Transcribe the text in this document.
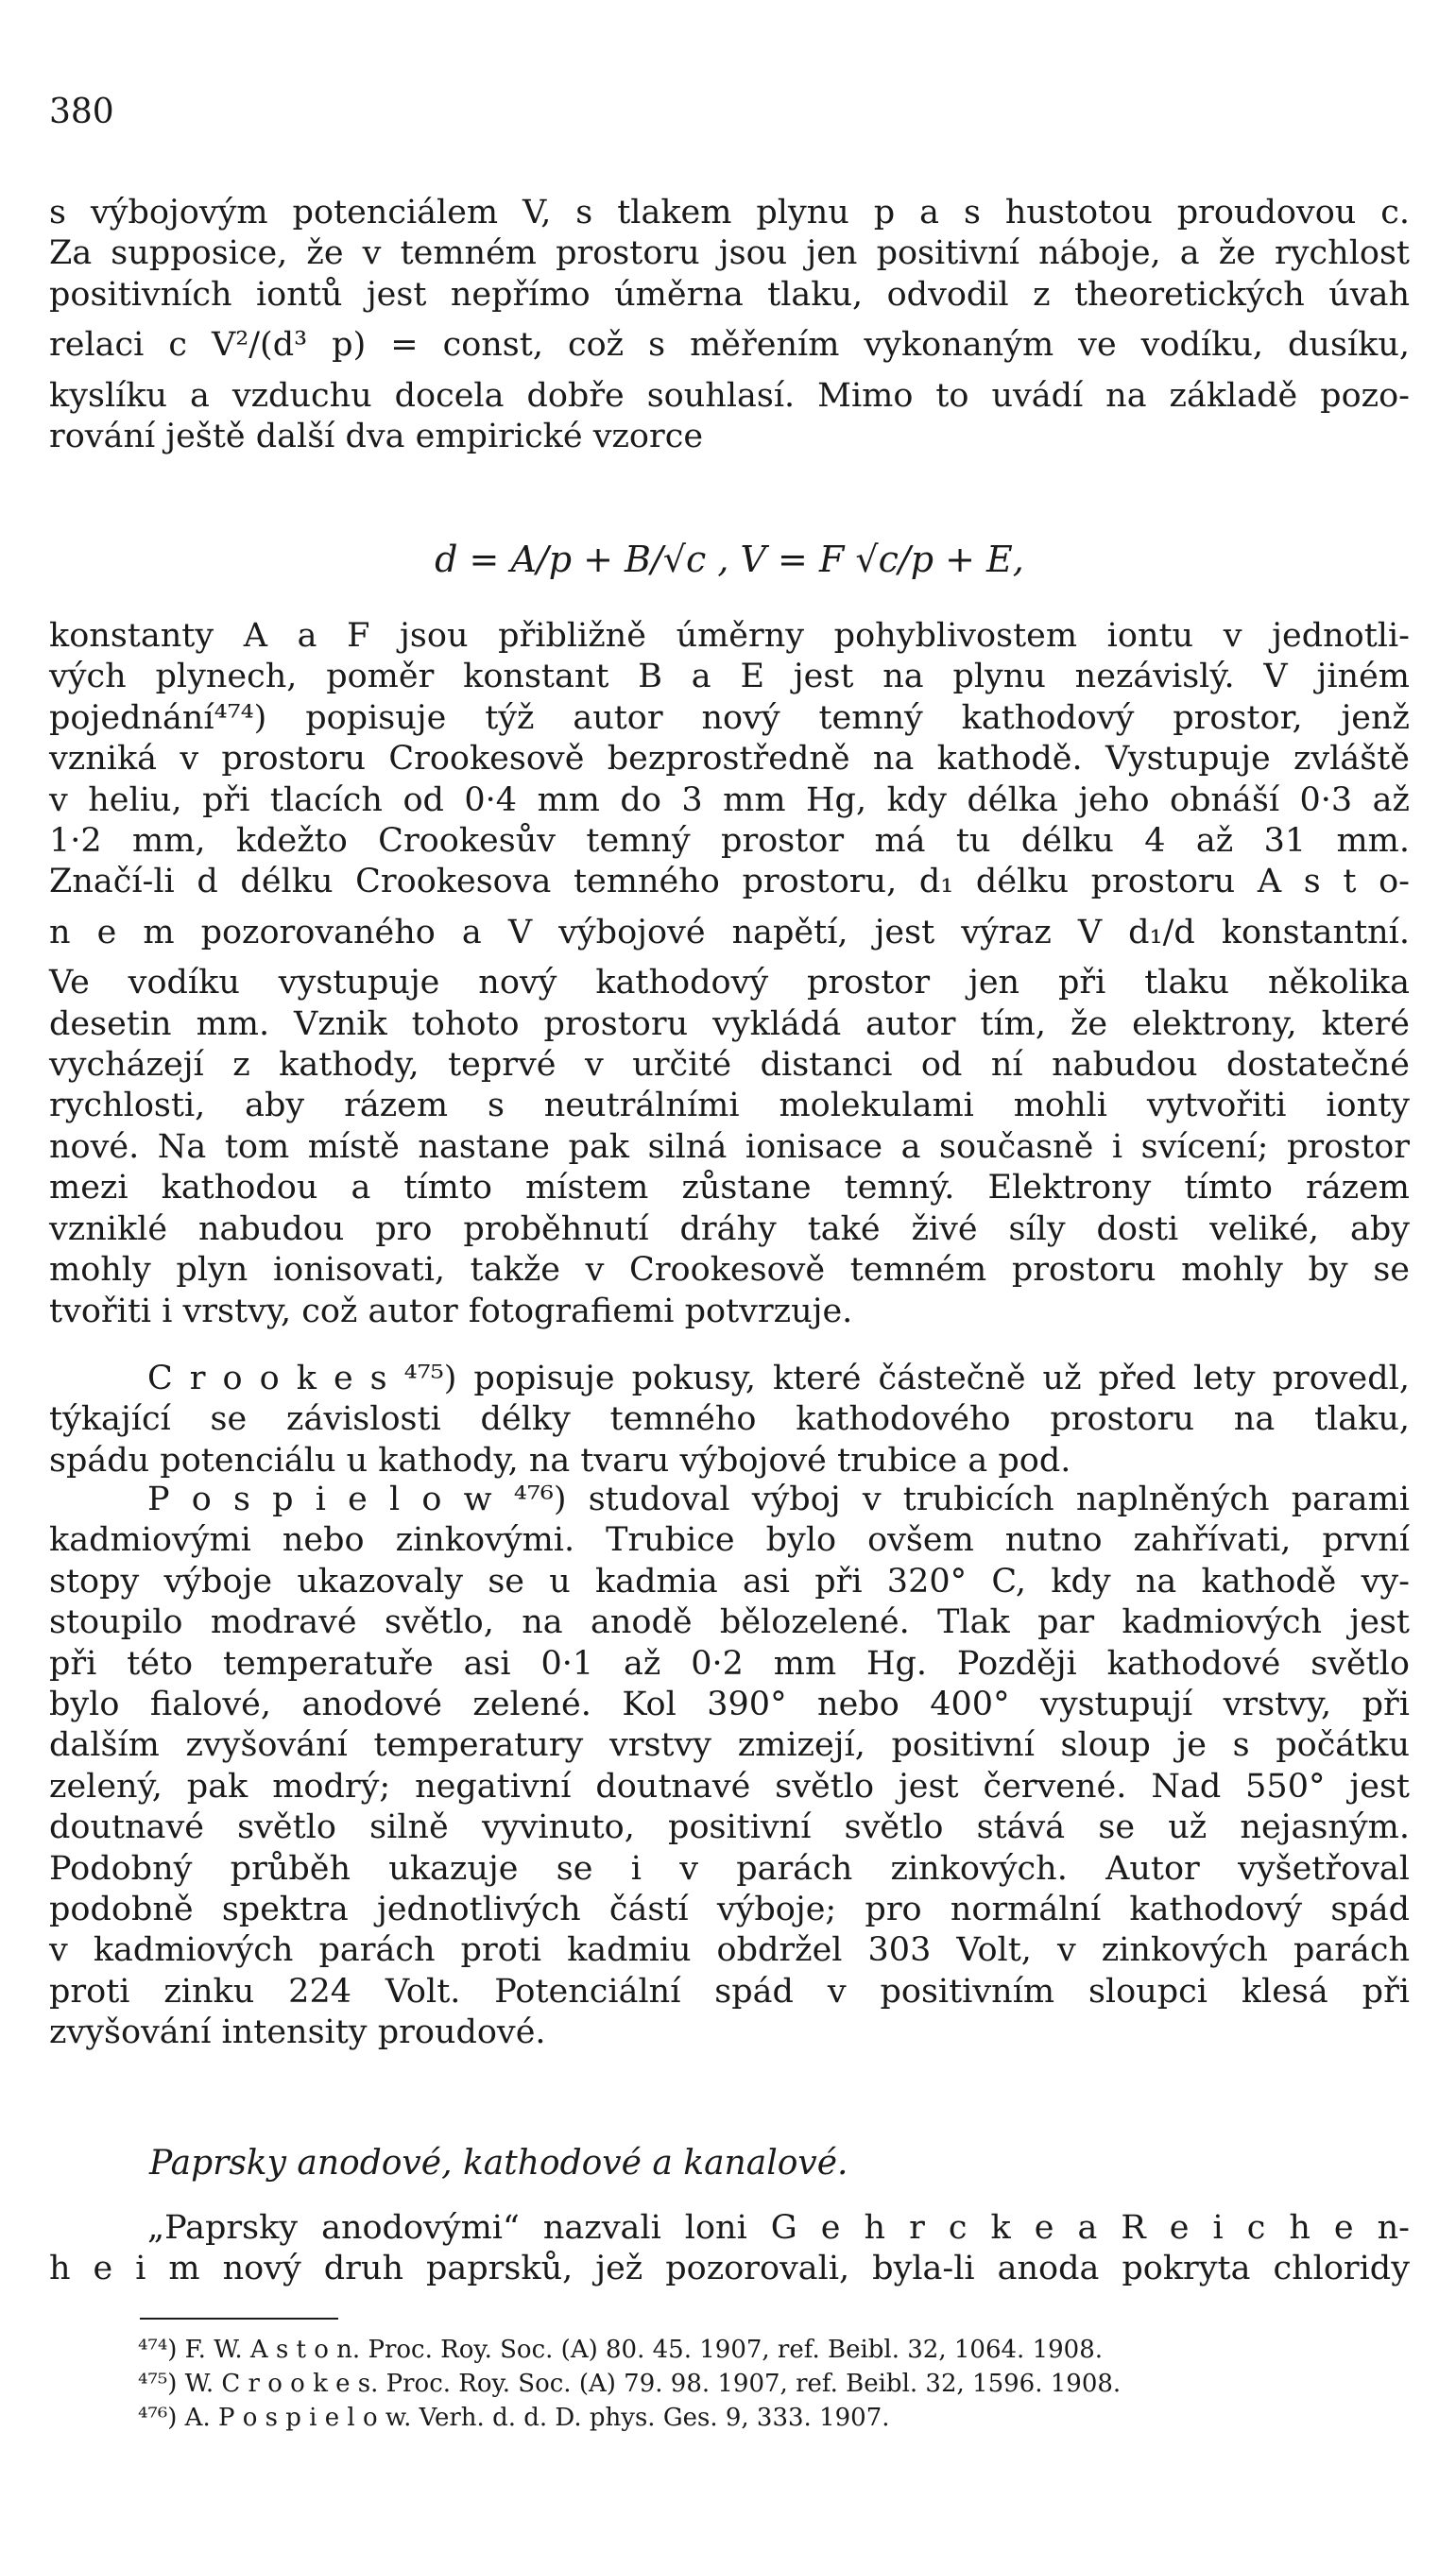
380

s výbojovým potenciálem V, s tlakem plynu p a s hustotou proudovou c.

Za supposice, že v temném prostoru jsou jen positivní náboje, a že rychlost

positivních iontů jest nepřímo úměrna tlaku, odvodil z theoretických úvah

relaci c V²/(d³ p) = const, což s měřením vykonaným ve vodíku, dusíku,

kyslíku a vzduchu docela dobře souhlasí. Mimo to uvádí na základě pozo-

rování ještě další dva empirické vzorce

d = A/p + B/√c , V = F √c/p + E,

konstanty A a F jsou přibližně úměrny pohyblivostem iontu v jednotli-

vých plynech, poměr konstant B a E jest na plynu nezávislý. V jiném

pojednání⁴⁷⁴) popisuje týž autor nový temný kathodový prostor, jenž

vzniká v prostoru Crookesově bezprostředně na kathodě. Vystupuje zvláště

v heliu, při tlacích od 0·4 mm do 3 mm Hg, kdy délka jeho obnáší 0·3 až

1·2 mm, kdežto Crookesův temný prostor má tu délku 4 až 31 mm.

Značí-li d délku Crookesova temného prostoru, d₁ délku prostoru A s t o-

n e m pozorovaného a V výbojové napětí, jest výraz V d₁/d konstantní.

Ve vodíku vystupuje nový kathodový prostor jen při tlaku několika

desetin mm. Vznik tohoto prostoru vykládá autor tím, že elektrony, které

vycházejí z kathody, teprvé v určité distanci od ní nabudou dostatečné

rychlosti, aby rázem s neutrálními molekulami mohli vytvořiti ionty

nové. Na tom místě nastane pak silná ionisace a současně i svícení; prostor

mezi kathodou a tímto místem zůstane temný. Elektrony tímto rázem

vzniklé nabudou pro proběhnutí dráhy také živé síly dosti veliké, aby

mohly plyn ionisovati, takže v Crookesově temném prostoru mohly by se

tvořiti i vrstvy, což autor fotografiemi potvrzuje.

C r o o k e s ⁴⁷⁵) popisuje pokusy, které částečně už před lety provedl,

týkající se závislosti délky temného kathodového prostoru na tlaku,

spádu potenciálu u kathody, na tvaru výbojové trubice a pod.

P o s p i e l o w ⁴⁷⁶) studoval výboj v trubicích naplněných parami

kadmiovými nebo zinkovými. Trubice bylo ovšem nutno zahřívati, první

stopy výboje ukazovaly se u kadmia asi při 320° C, kdy na kathodě vy-

stoupilo modravé světlo, na anodě bělozelené. Tlak par kadmiových jest

při této temperatuře asi 0·1 až 0·2 mm Hg. Později kathodové světlo

bylo fialové, anodové zelené. Kol 390° nebo 400° vystupují vrstvy, při

dalším zvyšování temperatury vrstvy zmizejí, positivní sloup je s počátku

zelený, pak modrý; negativní doutnavé světlo jest červené. Nad 550° jest

doutnavé světlo silně vyvinuto, positivní světlo stává se už nejasným.

Podobný průběh ukazuje se i v parách zinkových. Autor vyšetřoval

podobně spektra jednotlivých částí výboje; pro normální kathodový spád

v kadmiových parách proti kadmiu obdržel 303 Volt, v zinkových parách

proti zinku 224 Volt. Potenciální spád v positivním sloupci klesá při

zvyšování intensity proudové.

Paprsky anodové, kathodové a kanalové.

„Paprsky anodovými“ nazvali loni G e h r c k e a R e i c h e n-

h e i m nový druh paprsků, jež pozorovali, byla-li anoda pokryta chloridy

⁴⁷⁴) F. W. A s t o n. Proc. Roy. Soc. (A) 80. 45. 1907, ref. Beibl. 32, 1064. 1908.

⁴⁷⁵) W. C r o o k e s. Proc. Roy. Soc. (A) 79. 98. 1907, ref. Beibl. 32, 1596. 1908.

⁴⁷⁶) A. P o s p i e l o w. Verh. d. d. D. phys. Ges. 9, 333. 1907.
